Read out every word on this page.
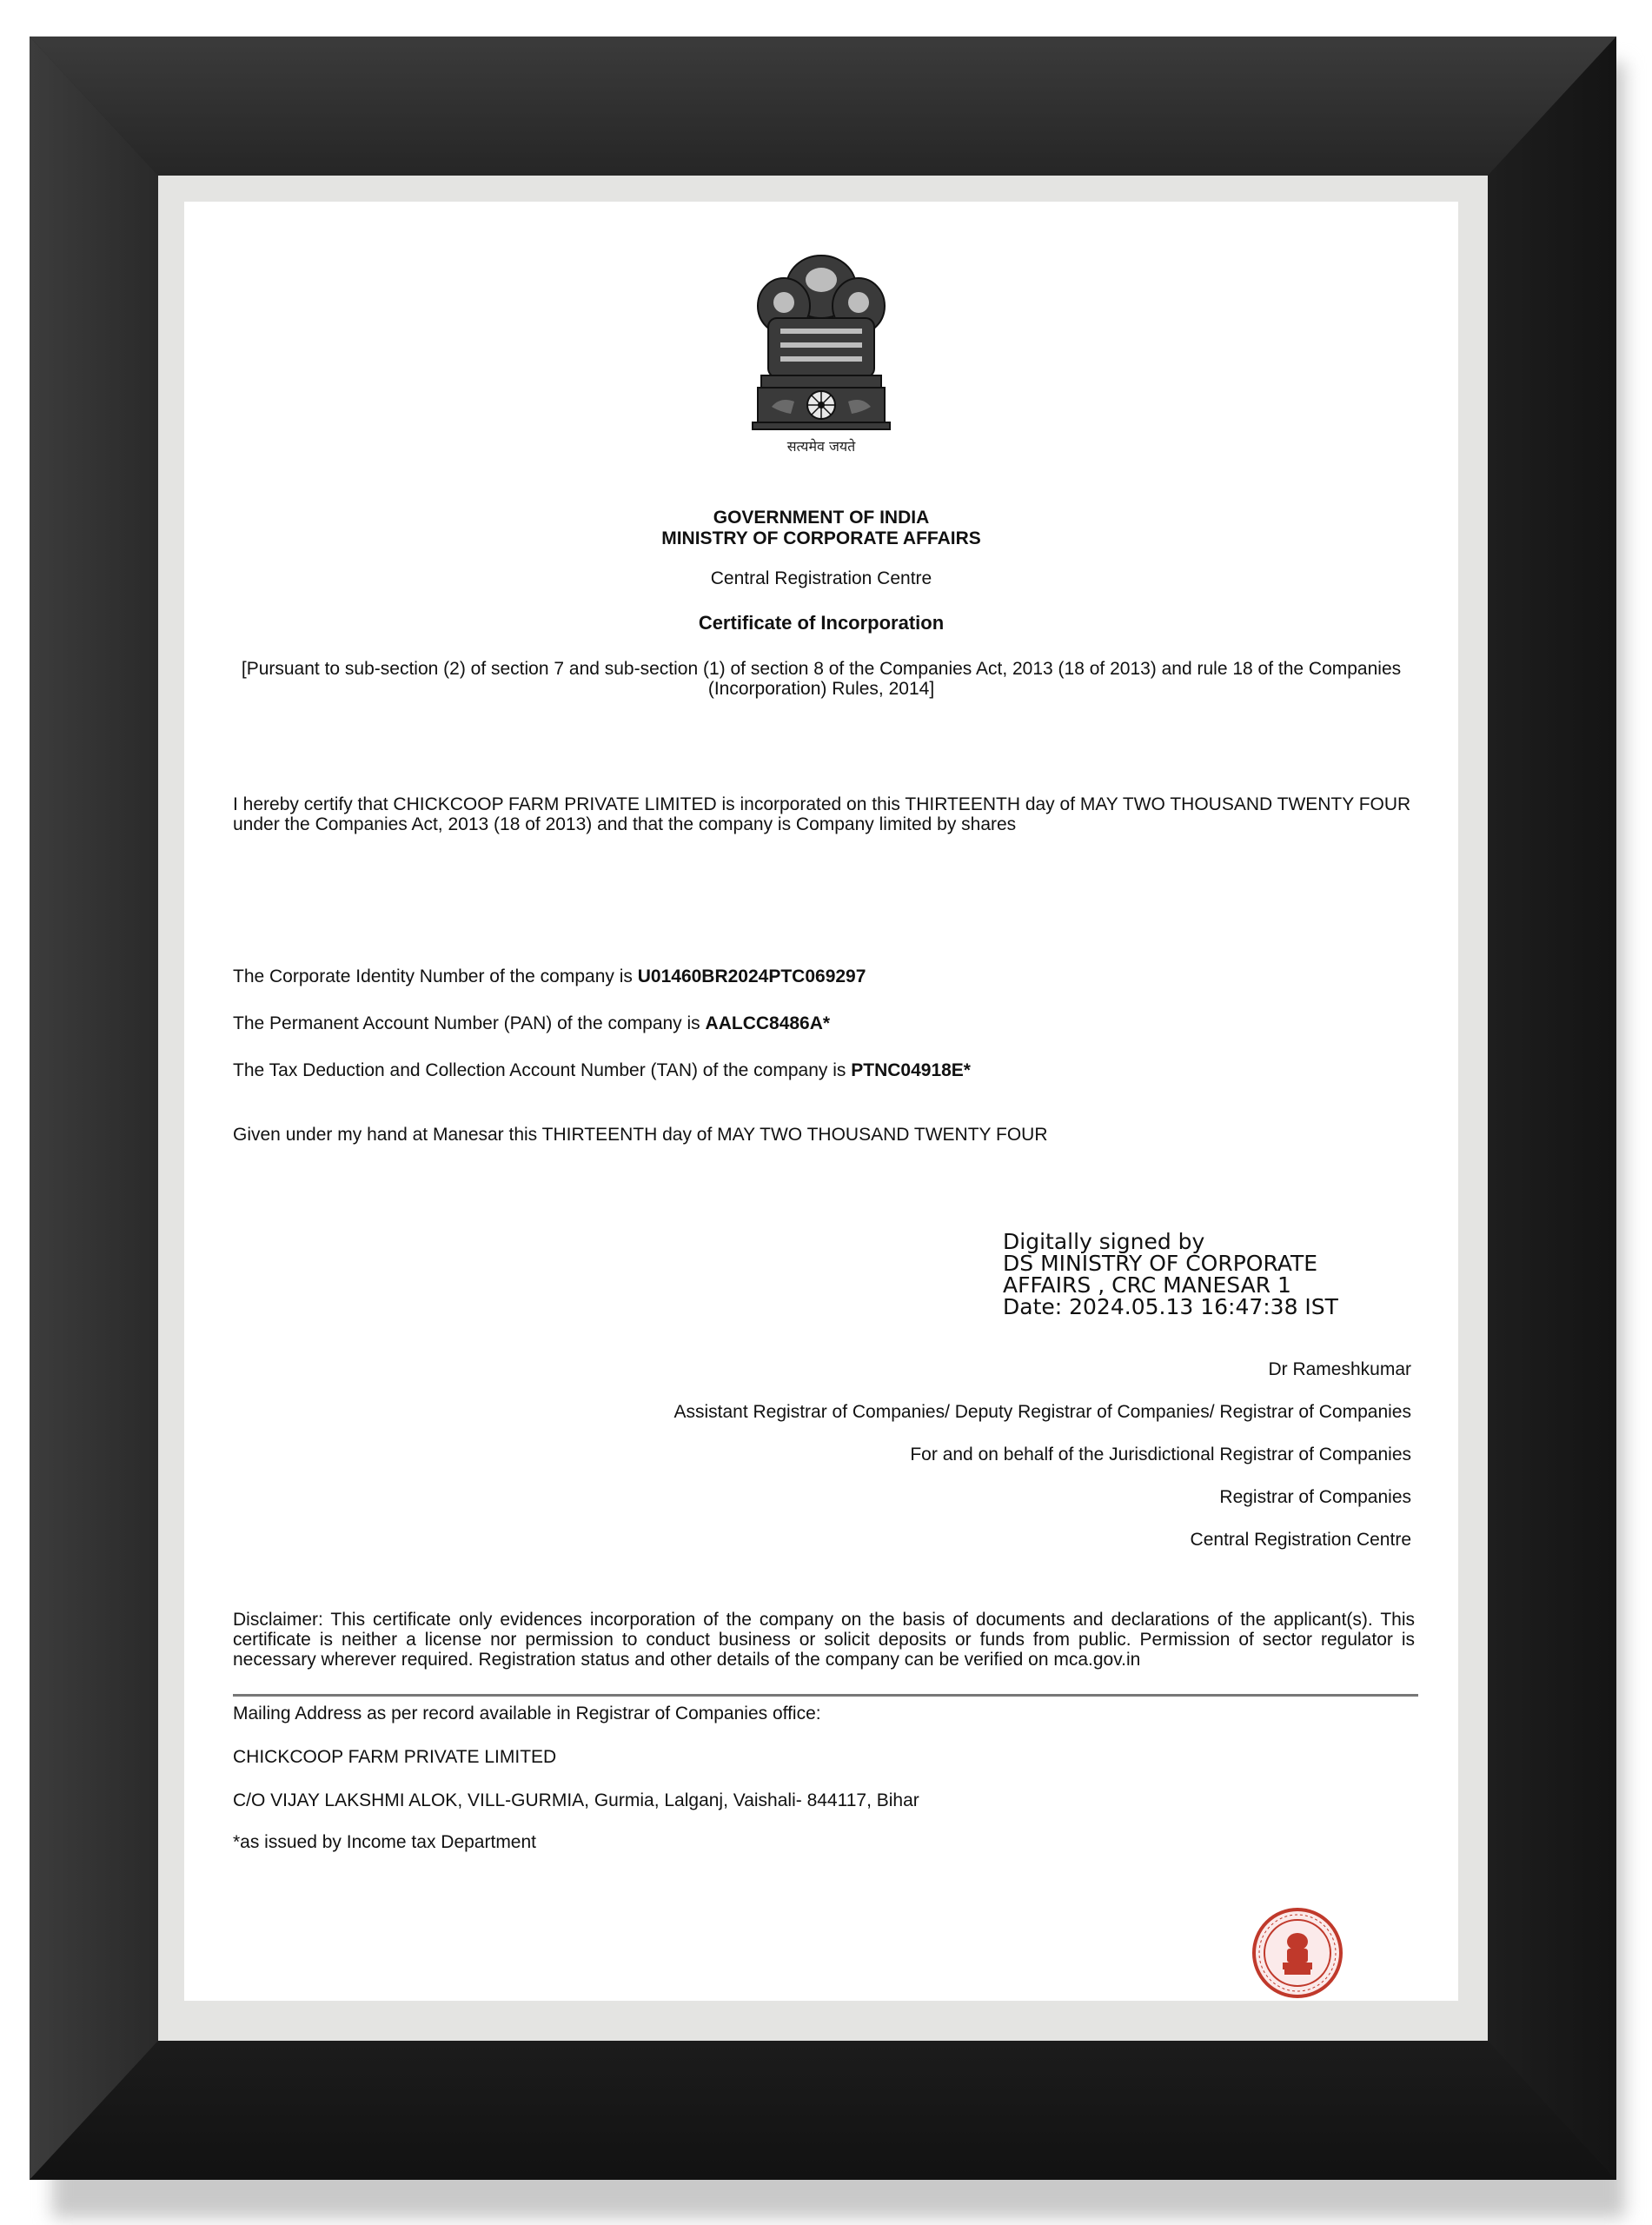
सत्यमेव जयते
GOVERNMENT OF INDIA
MINISTRY OF CORPORATE AFFAIRS
Central Registration Centre
Certificate of Incorporation
[Pursuant to sub-section (2) of section 7 and sub-section (1) of section 8 of the Companies Act, 2013 (18 of 2013) and rule 18 of the Companies (Incorporation) Rules, 2014]
I hereby certify that CHICKCOOP FARM PRIVATE LIMITED is incorporated on this THIRTEENTH day of MAY TWO THOUSAND TWENTY FOUR under the Companies Act, 2013 (18 of 2013) and that the company is Company limited by shares
The Corporate Identity Number of the company is U01460BR2024PTC069297
The Permanent Account Number (PAN) of the company is AALCC8486A*
The Tax Deduction and Collection Account Number (TAN) of the company is PTNC04918E*
Given under my hand at Manesar this THIRTEENTH day of MAY TWO THOUSAND TWENTY FOUR
Digitally signed by
DS MINISTRY OF CORPORATE
AFFAIRS , CRC MANESAR 1
Date: 2024.05.13 16:47:38 IST
Dr Rameshkumar
Assistant Registrar of Companies/ Deputy Registrar of Companies/ Registrar of Companies
For and on behalf of the Jurisdictional Registrar of Companies
Registrar of Companies
Central Registration Centre
Disclaimer: This certificate only evidences incorporation of the company on the basis of documents and declarations of the applicant(s). This certificate is neither a license nor permission to conduct business or solicit deposits or funds from public. Permission of sector regulator is necessary wherever required. Registration status and other details of the company can be verified on mca.gov.in
Mailing Address as per record available in Registrar of Companies office:
CHICKCOOP FARM PRIVATE LIMITED
C/O VIJAY LAKSHMI ALOK, VILL-GURMIA, Gurmia, Lalganj, Vaishali- 844117, Bihar
*as issued by Income tax Department
